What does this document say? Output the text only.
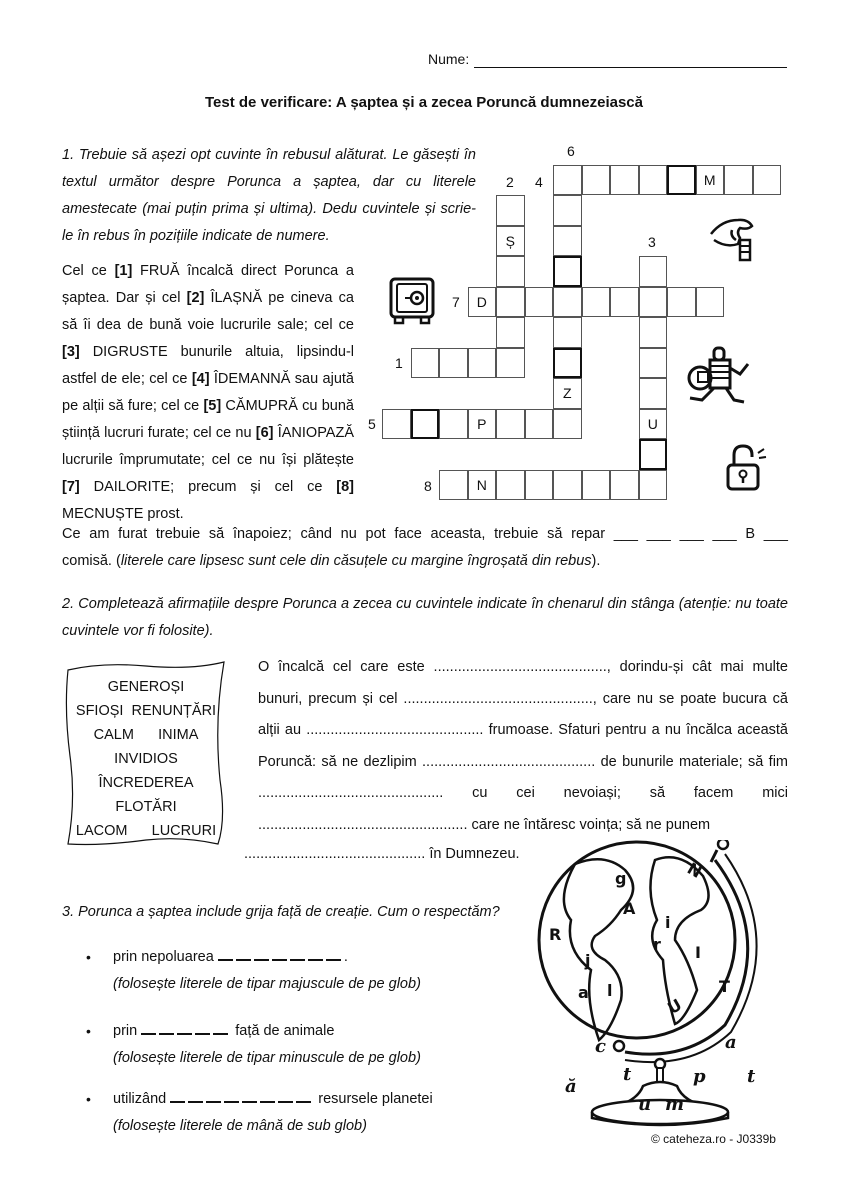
Nume:
Test de verificare: A șaptea și a zecea Poruncă dumnezeiască
1. Trebuie să așezi opt cuvinte în rebusul alăturat. Le găsești în textul următor despre Porunca a șaptea, dar cu literele amestecate (mai puțin prima și ultima). Dedu cuvintele și scrie-le în rebus în pozițiile indicate de numere.
Cel ce [1] FRUĂ încalcă direct Porunca a șaptea. Dar și cel [2] ÎLAȘNĂ pe cineva ca să îi dea de bună voie lucrurile sale; cel ce [3] DIGRUSTE bunurile altuia, lipsindu-l astfel de ele; cel ce [4] ÎDEMANNĂ sau ajută pe alții să fure; cel ce [5] CĂMUPRĂ cu bună știință lucruri furate; cel ce nu [6] ÎANIOPAZĂ lucrurile împrumutate; cel ce nu își plătește [7] DAILORITE; precum și cel ce [8] MECNUȘTE prost.
M
Z
Ș
U
D
P
N
1
2
3
4
5
6
7
8
Ce am furat trebuie să înapoiez; când nu pot face aceasta, trebuie să repar ___ ___ ___ ___ B ___
comisă. (literele care lipsesc sunt cele din căsuțele cu margine îngroșată din rebus).
2. Completează afirmațiile despre Porunca a zecea cu cuvintele indicate în chenarul din stânga (atenție: nu toate cuvintele vor fi folosite).
GENEROȘI
SFIOȘI  RENUNȚĂRI
CALM      INIMA
INVIDIOS
ÎNCREDEREA
FLOTĂRI
LACOM      LUCRURI
O încalcă cel care este ..........................................., dorindu-și cât mai multe bunuri, precum și cel ..............................................., care nu se poate bucura că alții au ............................................ frumoase. Sfaturi pentru a nu încălca această Poruncă: să ne dezlipim ........................................... de bunurile materiale; să fim .............................................. cu cei nevoiași; să facem mici .................................................... care ne întăresc voința; să ne punem
............................................. în Dumnezeu.
3. Porunca a șaptea include grija față de creație. Cum o respectăm?
• prin nepoluarea	.
(folosește literele de tipar majuscule de pe glob)
• prin	față de animale
(folosește literele de tipar minuscule de pe glob)
• utilizând	resursele planetei
(folosește literele de mână de sub glob)
g
A
N
R
i
r
j	I
l
a
U
T
c	a
ă
t	p t
u m
© cateheza.ro - J0339b
